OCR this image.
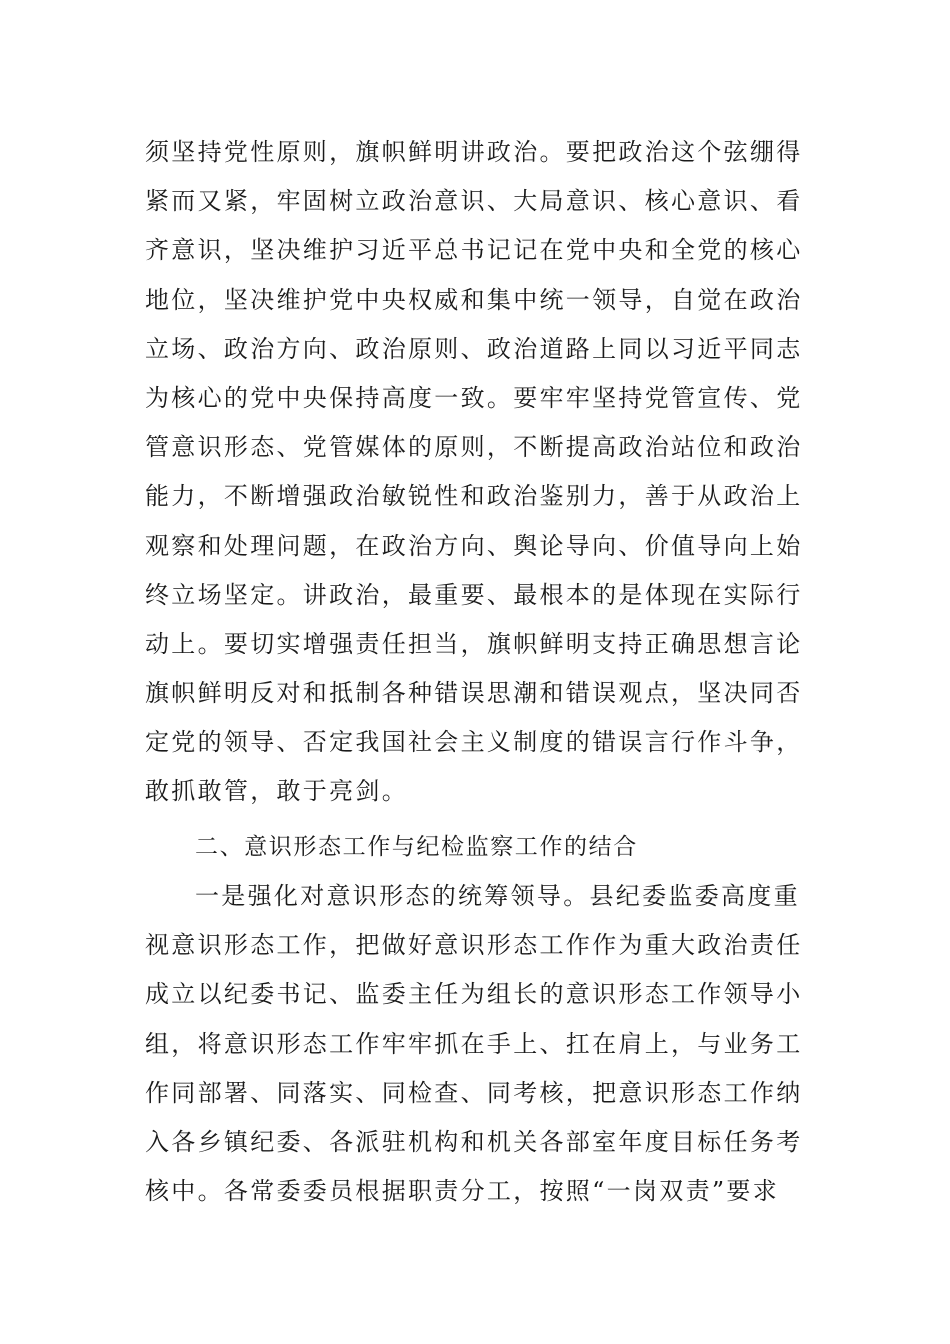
须坚持党性原则，旗帜鲜明讲政治。要把政治这个弦绷得
紧而又紧，牢固树立政治意识、大局意识、核心意识、看
齐意识，坚决维护习近平总书记记在党中央和全党的核心
地位，坚决维护党中央权威和集中统一领导，自觉在政治
立场、政治方向、政治原则、政治道路上同以习近平同志
为核心的党中央保持高度一致。要牢牢坚持党管宣传、党
管意识形态、党管媒体的原则，不断提高政治站位和政治
能力，不断增强政治敏锐性和政治鉴别力，善于从政治上
观察和处理问题，在政治方向、舆论导向、价值导向上始
终立场坚定。讲政治，最重要、最根本的是体现在实际行
动上。要切实增强责任担当，旗帜鲜明支持正确思想言论
旗帜鲜明反对和抵制各种错误思潮和错误观点，坚决同否
定党的领导、否定我国社会主义制度的错误言行作斗争，
敢抓敢管，敢于亮剑。
二、意识形态工作与纪检监察工作的结合
一是强化对意识形态的统筹领导。县纪委监委高度重
视意识形态工作，把做好意识形态工作作为重大政治责任
成立以纪委书记、监委主任为组长的意识形态工作领导小
组，将意识形态工作牢牢抓在手上、扛在肩上，与业务工
作同部署、同落实、同检查、同考核，把意识形态工作纳
入各乡镇纪委、各派驻机构和机关各部室年度目标任务考
核中。各常委委员根据职责分工，按照“一岗双责”要求
